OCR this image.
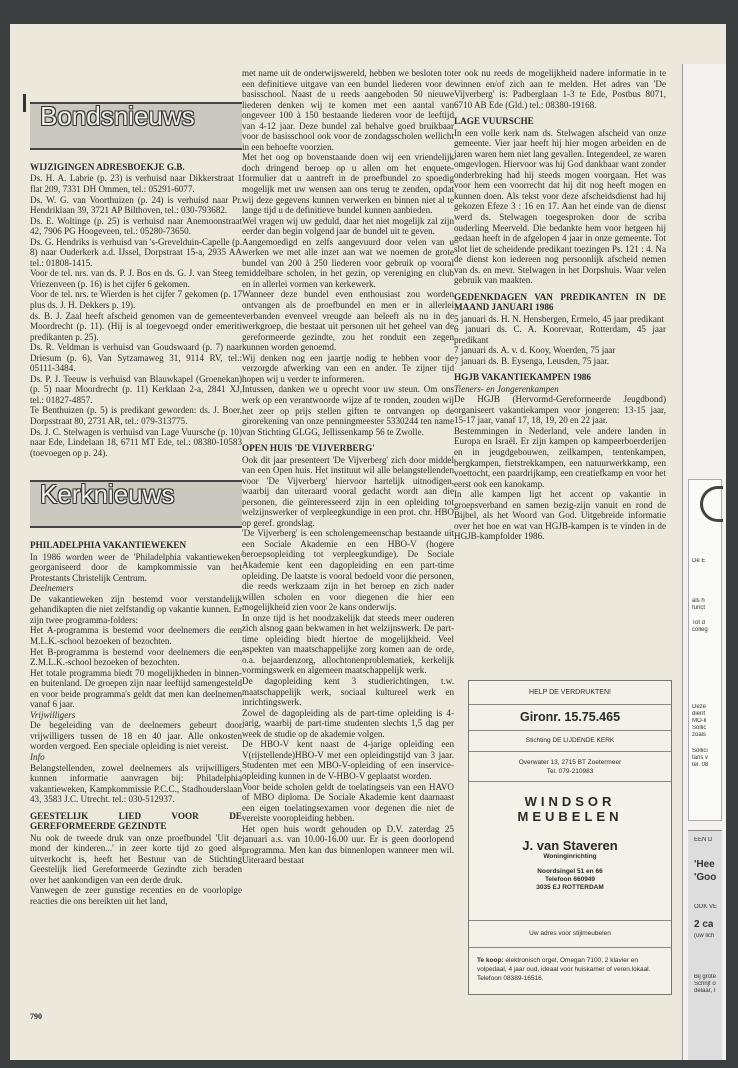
Bondsnieuws
WIJZIGINGEN ADRESBOEKJE G.B.

Ds. H. A. Labrie (p. 23) is verhuisd naar Dikkerstraat 1 flat 209, 7331 DH Ommen, tel.: 05291-6077.

Ds. W. G. van Voorthuizen (p. 24) is verhuisd naar Pr. Hendriklaan 39, 3721 AP Bilthoven, tel.: 030-793682.

Ds. E. Woltinge (p. 25) is verhuisd naar Anemoonstraat 42, 7906 PG Hoogeveen, tel.: 05280-73650.

Ds. G. Hendriks is verhuisd van 's-Grevelduin-Capelle (p. 8) naar Ouderkerk a.d. IJssel, Dorpstraat 15-a, 2935 AA tel.: 01808-1415.

Voor de tel. nrs. van ds. P. J. Bos en ds. G. J. van Steeg te Vriezenveen (p. 16) is het cijfer 6 gekomen.

Voor de tel. nrs. te Wierden is het cijfer 7 gekomen (p. 17 plus ds. J. H. Dekkers p. 19).

ds. B. J. Zaal heeft afscheid genomen van de gemeente Moordrecht (p. 11). (Hij is al toegevoegd onder emeriti predikanten p. 25).

Ds. R. Veldman is verhuisd van Goudswaard (p. 7) naar Driesum (p. 6), Van Sytzamaweg 31, 9114 RV, tel.: 05111-3484.

Ds. P. J. Teeuw is verhuisd van Blauwkapel (Groenekan) (p. 5) naar Moordrecht (p. 11) Kerklaan 2-a, 2841 XJ, tel.: 01827-4857.

Te Benthuizen (p. 5) is predikant geworden: ds. J. Boer, Dorpsstraat 80, 2731 AR, tel.: 079-313775.

Ds. J. C. Stelwagen is verhuisd van Lage Vuursche (p. 10) naar Ede, Lindelaan 18, 6711 MT Ede, tel.: 08380-10583 (toevoegen op p. 24).

Kerknieuws
PHILADELPHIA VAKANTIEWEKEN

In 1986 worden weer de 'Philadelphia vakantieweken' georganiseerd door de kampkommissie van het Protestants Christelijk Centrum.

Deelnemers

De vakantieweken zijn bestemd voor verstandelijk gehandikapten die niet zelfstandig op vakantie kunnen. Er zijn twee programma-folders:

Het A-programma is bestemd voor deelnemers die een M.L.K.-school bezoeken of bezochten.

Het B-programma is bestemd voor deelnemers die een Z.M.L.K.-school bezoeken of bezochten.

Het totale programma biedt 70 mogelijkheden in binnen- en buitenland. De groepen zijn naar leeftijd samengesteld en voor beide programma's geldt dat men kan deelnemen vanaf 6 jaar.

Vrijwilligers

De begeleiding van de deelnemers gebeurt door vrijwilligers tussen de 18 en 40 jaar. Alle onkosten worden vergoed. Een speciale opleiding is niet vereist.

Info

Belangstellenden, zowel deelnemers als vrijwilligers, kunnen informatie aanvragen bij: Philadelphia vakantieweken, Kampkommissie P.C.C., Stadhouderslaan 43, 3583 J.C. Utrecht. tel.: 030-512937.

GEESTELIJK LIED VOOR DE GEREFORMEERDE GEZINDTE

Nu ook de tweede druk van onze proefbundel 'Uit de mond der kinderen...' in zeer korte tijd zo goed als uitverkocht is, heeft het Bestuur van de Stichting Geestelijk lied Gereformeerde Gezindte zich beraden over het aankondigen van een derde druk.

Vanwegen de zeer gunstige recenties en de voorlopige reacties die ons bereikten uit het land,

met name uit de onderwijswereld, hebben we besloten tot een definitieve uitgave van een bundel liederen voor de basisschool. Naast de u reeds aangeboden 50 nieuwe liederen denken wij te komen met een aantal van ongeveer 100 à 150 bestaande liederen voor de leeftijd van 4-12 jaar. Deze bundel zal behalve goed bruikbaar voor de basisschool ook voor de zondagsscholen wellicht in een behoefte voorzien.

Met het oog op bovenstaande doen wij een vriendelijk doch dringend beroep op u allen om het enquete-formulier dat u aantreft in de proefbundel zo spoedig mogelijk met uw wensen aan ons terug te zenden, opdat wij deze gegevens kunnen verwerken en binnen niet al te lange tijd u de definitieve bundel kunnen aanbieden.

Wel vragen wij uw geduld, daar het niet mogelijk zal zijn eerder dan begin volgend jaar de bundel uit te geven.

Aangemoedigd en zelfs aangevuurd door velen van u werken we met alle inzet aan wat we noemen de grote bundel van 200 à 250 liederen voor gebruik op vooral middelbare scholen, in het gezin, op vereniging en club en in allerlei vormen van kerkewerk.

Wanneer deze bundel even enthousiast zou worden ontvangen als de proefbundel en men er in allerlei verbanden evenveel vreugde aan beleeft als nu in de werkgroep, die bestaat uit personen uit het geheel van de gereformeerde gezindte, zou het ronduit een zegen kunnen worden genoemd.

Wij denken nog een jaartje nodig te hebben voor de verzorgde afwerking van een en ander. Te zijner tijd hopen wij u verder te informeren.

Intussen, danken we u oprecht voor uw steun. Om ons werk op een verantwoorde wijze af te ronden, zouden wij het zeer op prijs stellen giften te ontvangen op de girorekening van onze penningmeester 5330244 ten name van Stichting GLGG, Jellissenkamp 56 te Zwolle.

OPEN HUIS 'DE VIJVERBERG'

Ook dit jaar presenteert 'De Vijverberg' zich door middel van een Open huis. Het instituut wil alle belangstellenden voor 'De Vijverberg' hiervoor hartelijk uitnodigen, waarbij dan uiteraard vooral gedacht wordt aan die personen, die geïnteresseerd zijn in een opleiding tot welzijnswerker of verpleegkundige in een prot. chr. HBO op geref. grondslag.

'De Vijverberg' is een scholengemeenschap bestaande uit een Sociale Akademie en een HBO-V (hogere beroepsopleiding tot verpleegkundige). De Sociale Akademie kent een dagopleiding en een part-time opleiding. De laatste is vooral bedoeld voor die personen, die reeds werkzaam zijn in het beroep en zich nader willen scholen en voor diegenen die hier een mogelijkheid zien voor 2e kans onderwijs.

In onze tijd is het noodzakelijk dat steeds meer ouderen zich alsnog gaan bekwamen in het welzijnswerk. De part-time opleiding biedt hiertoe de mogelijkheid. Veel aspekten van maatschappelijke zorg komen aan de orde, o.a. bejaardenzorg, allochtonenproblematiek, kerkelijk vormingswerk en algemeen maatschappelijk werk.

De dagopleiding kent 3 studierichtingen, t.w. maatschappelijk werk, sociaal kultureel werk en inrichtingswerk.

Zowel de dagopleiding als de part-time opleiding is 4-jarig, waarbij de part-time studenten slechts 1,5 dag per week de studie op de akademie volgen.

De HBO-V kent naast de 4-jarige opleiding een V(rijstellende)HBO-V met een opleidingstijd van 3 jaar. Studenten met een MBO-V-opleiding of een inservice-opleiding kunnen in de V-HBO-V geplaatst worden.

Voor beide scholen geldt de toelatingseis van een HAVO of MBO diploma. De Sociale Akademie kent daarnaast een eigen toelatingsexamen voor degenen die niet de vereiste vooropleiding hebben.

Het open huis wordt gehouden op D.V. zaterdag 25 januari a.s. van 10.00-16.00 uur. Er is geen doorlopend programma. Men kan dus binnenlopen wanneer men wil. Uiteraard bestaat

er ook nu reeds de mogelijkheid nadere informatie in te winnen en/of zich aan te melden. Het adres van 'De Vijverberg' is: Padberglaan 1-3 te Ede, Postbus 8071, 6710 AB Ede (Gld.) tel.: 08380-19168.

LAGE VUURSCHE

In een volle kerk nam ds. Stelwagen afscheid van onze gemeente. Vier jaar heeft hij hier mogen arbeiden en de jaren waren hem niet lang gevallen. Integendeel, ze waren omgevlogen. Hiervoor was hij God dankbaar want zonder onderbreking had hij steeds mogen voorgaan. Het was voor hem een voorrecht dat hij dit nog heeft mogen en kunnen doen. Als tekst voor deze afscheidsdienst had hij gekozen Efeze 3 : 16 en 17. Aan het einde van de dienst werd ds. Stelwagen toegesproken door de scriba ouderling Meerveld. Die bedankte hem voor hetgeen hij gedaan heeft in de afgelopen 4 jaar in onze gemeente. Tot slot liet de scheidende predikant toezingen Ps. 121 : 4. Na de dienst kon iedereen nog persoonlijk afscheid nemen van ds. en mevr. Stelwagen in het Dorpshuis. Waar velen gebruik van maakten.

GEDENKDAGEN VAN PREDIKANTEN IN DE MAAND JANUARI 1986

5 januari ds. H. N. Hensbergen, Ermelo, 45 jaar predikant

6 januari ds. C. A. Koorevaar, Rotterdam, 45 jaar predikant

7 januari ds. A. v. d. Kooy, Woerden, 75 jaar

7 januari ds. B. Eysenga, Leusden, 75 jaar.

HGJB VAKANTIEKAMPEN 1986

Tieners- en Jongerenkampen

De HGJB (Hervormd-Gereformeerde Jeugdbond) organiseert vakantiekampen voor jongeren: 13-15 jaar, 15-17 jaar, vanaf 17, 18, 19, 20 en 22 jaar.

Bestemmingen in Nederland, vele andere landen in Europa en Israël. Er zijn kampen op kampeerboerderijen en in jeugdgebouwen, zeilkampen, tentenkampen, bergkampen, fietstrekkampen, een natuurwerkkamp, een voettocht, een paardrijkamp, een creatiefkamp en voor het eerst ook een kanokamp.

In alle kampen ligt het accent op vakantie in groepsverband en samen bezig-zijn vanuit en rond de Bijbel, als het Woord van God. Uitgebreide informatie over het hoe en wat van HGJB-kampen is te vinden in de HGJB-kampfolder 1986.

HELP DE VERDRUKTEN!
Gironr. 15.75.465
Stichting DE LIJDENDE KERK
Overwater 13, 2715 BT Zoetermeer
Tel. 079-210983
WINDSOR
MEUBELEN
J. van Staveren
Woninginrichting
Noordsingel 51 en 66
Telefoon 660949
3035 EJ ROTTERDAM
Uw adres voor stijlmeubelen
Te koop: elektronisch orgel, Omegan 7100, 2 klavier en volpedaal, 4 jaar oud, ideaal voor huiskamer of veren.lokaal. Telefoon 08389-16516.
790
De E
als h
funct
Tot d
colleg
Deze
dient
MO-li
Sollic
zoals
Sollici
taris v
tel. 08
EEN D
'Hee
'Goo
OOK VE
2 ca
(uw lich
Bij grote
Schrijf o
delaar, I
